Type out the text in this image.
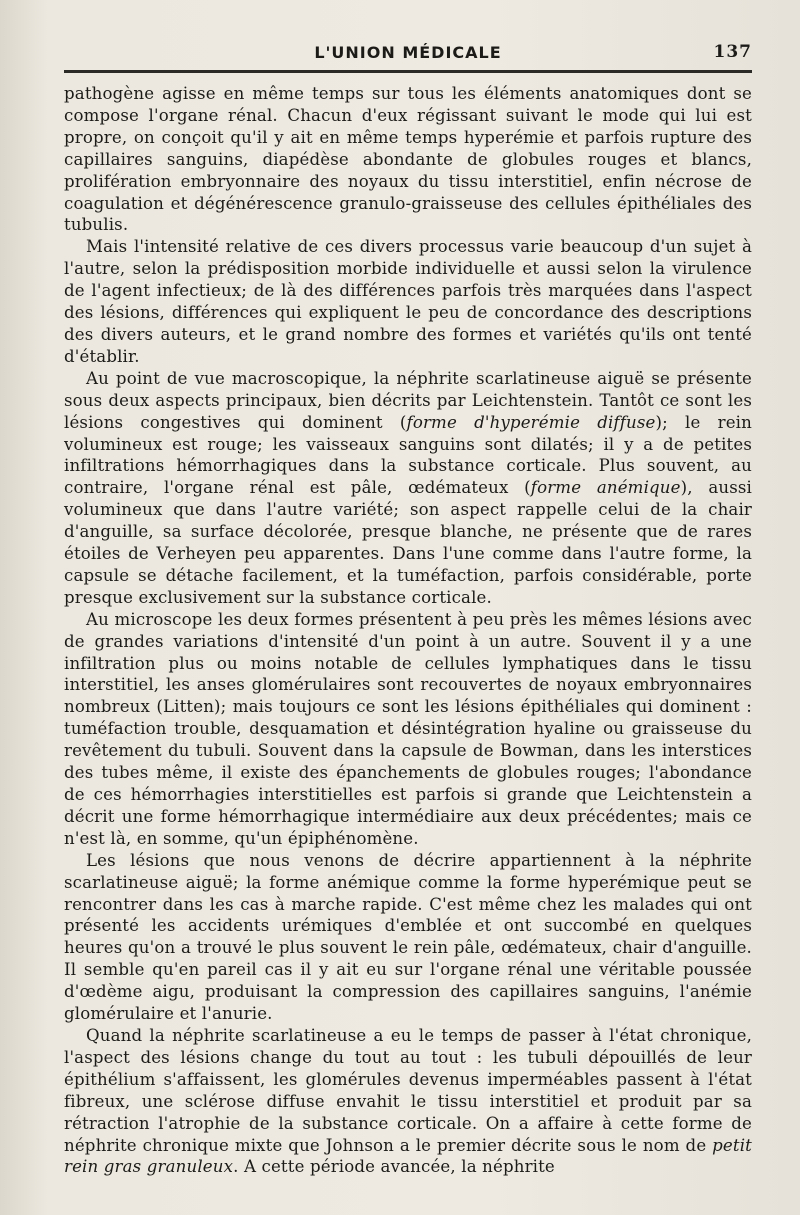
L'UNION MÉDICALE	137

pathogène agisse en même temps sur tous les éléments anatomiques dont se compose l'organe rénal. Chacun d'eux régissant suivant le mode qui lui est propre, on conçoit qu'il y ait en même temps hyperémie et parfois rupture des capillaires sanguins, diapédèse abondante de globules rouges et blancs, prolifération embryonnaire des noyaux du tissu interstitiel, enfin nécrose de coagulation et dégénérescence granulo-graisseuse des cellules épithéliales des tubulis.

Mais l'intensité relative de ces divers processus varie beaucoup d'un sujet à l'autre, selon la prédisposition morbide individuelle et aussi selon la virulence de l'agent infectieux; de là des différences parfois très marquées dans l'aspect des lésions, différences qui expliquent le peu de concordance des descriptions des divers auteurs, et le grand nombre des formes et variétés qu'ils ont tenté d'établir.

Au point de vue macroscopique, la néphrite scarlatineuse aiguë se présente sous deux aspects principaux, bien décrits par Leichtenstein. Tantôt ce sont les lésions congestives qui dominent (forme d'hyperémie diffuse); le rein volumineux est rouge; les vaisseaux sanguins sont dilatés; il y a de petites infiltrations hémorrhagiques dans la substance corticale. Plus souvent, au contraire, l'organe rénal est pâle, œdémateux (forme anémique), aussi volumineux que dans l'autre variété; son aspect rappelle celui de la chair d'anguille, sa surface décolorée, presque blanche, ne présente que de rares étoiles de Verheyen peu apparentes. Dans l'une comme dans l'autre forme, la capsule se détache facilement, et la tuméfaction, parfois considérable, porte presque exclusivement sur la substance corticale.

Au microscope les deux formes présentent à peu près les mêmes lésions avec de grandes variations d'intensité d'un point à un autre. Souvent il y a une infiltration plus ou moins notable de cellules lymphatiques dans le tissu interstitiel, les anses glomérulaires sont recouvertes de noyaux embryonnaires nombreux (Litten); mais toujours ce sont les lésions épithéliales qui dominent : tuméfaction trouble, desquamation et désintégration hyaline ou graisseuse du revêtement du tubuli. Souvent dans la capsule de Bowman, dans les interstices des tubes même, il existe des épanchements de globules rouges; l'abondance de ces hémorrhagies interstitielles est parfois si grande que Leichtenstein a décrit une forme hémorrhagique intermédiaire aux deux précédentes; mais ce n'est là, en somme, qu'un épiphénomène.

Les lésions que nous venons de décrire appartiennent à la néphrite scarlatineuse aiguë; la forme anémique comme la forme hyperémique peut se rencontrer dans les cas à marche rapide. C'est même chez les malades qui ont présenté les accidents urémiques d'emblée et ont succombé en quelques heures qu'on a trouvé le plus souvent le rein pâle, œdémateux, chair d'anguille. Il semble qu'en pareil cas il y ait eu sur l'organe rénal une véritable poussée d'œdème aigu, produisant la compression des capillaires sanguins, l'anémie glomérulaire et l'anurie.

Quand la néphrite scarlatineuse a eu le temps de passer à l'état chronique, l'aspect des lésions change du tout au tout : les tubuli dépouillés de leur épithélium s'affaissent, les glomérules devenus imperméables passent à l'état fibreux, une sclérose diffuse envahit le tissu interstitiel et produit par sa rétraction l'atrophie de la substance corticale. On a affaire à cette forme de néphrite chronique mixte que Johnson a le premier décrite sous le nom de petit rein gras granuleux. A cette période avancée, la néphrite
